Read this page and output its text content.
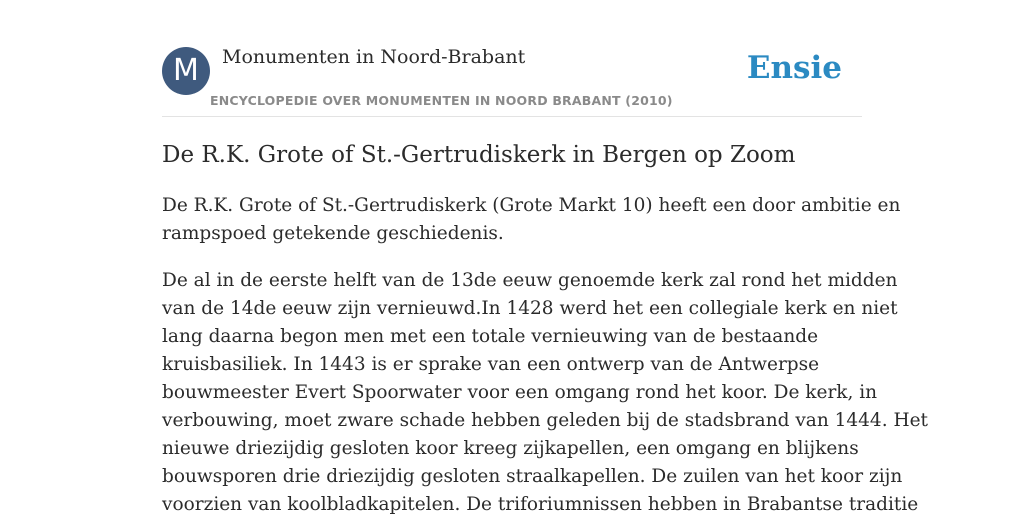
M	Monumenten in Noord-Brabant
ENCYCLOPEDIE OVER MONUMENTEN IN NOORD BRABANT (2010)
Ensie
De R.K. Grote of St.-Gertrudiskerk in Bergen op Zoom

De R.K. Grote of St.-Gertrudiskerk (Grote Markt 10) heeft een door ambitie en
rampspoed getekende geschiedenis.

De al in de eerste helft van de 13de eeuw genoemde kerk zal rond het midden
van de 14de eeuw zijn vernieuwd.In 1428 werd het een collegiale kerk en niet
lang daarna begon men met een totale vernieuwing van de bestaande
kruisbasiliek. In 1443 is er sprake van een ontwerp van de Antwerpse
bouwmeester Evert Spoorwater voor een omgang rond het koor. De kerk, in
verbouwing, moet zware schade hebben geleden bij de stadsbrand van 1444. Het
nieuwe driezijdig gesloten koor kreeg zijkapellen, een omgang en blijkens
bouwsporen drie driezijdig gesloten straalkapellen. De zuilen van het koor zijn
voorzien van koolbladkapitelen. De triforiumnissen hebben in Brabantse traditie
